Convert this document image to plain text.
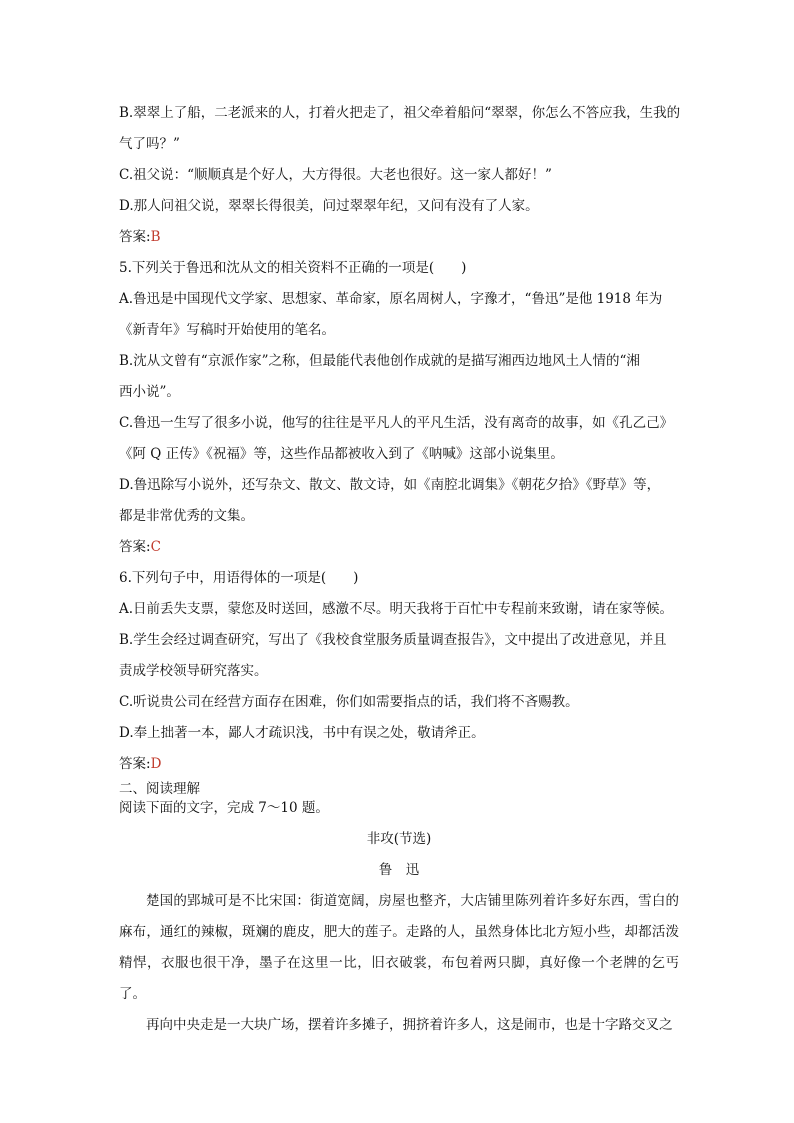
B.翠翠上了船，二老派来的人，打着火把走了，祖父牵着船问“翠翠，你怎么不答应我，生我的
气了吗？”
C.祖父说：“顺顺真是个好人，大方得很。大老也很好。这一家人都好！”
D.那人问祖父说，翠翠长得很美，问过翠翠年纪，又问有没有了人家。
答案:B
5.下列关于鲁迅和沈从文的相关资料不正确的一项是(　　)
A.鲁迅是中国现代文学家、思想家、革命家，原名周树人，字豫才，“鲁迅”是他 1918 年为
《新青年》写稿时开始使用的笔名。
B.沈从文曾有“京派作家”之称，但最能代表他创作成就的是描写湘西边地风土人情的“湘
西小说”。
C.鲁迅一生写了很多小说，他写的往往是平凡人的平凡生活，没有离奇的故事，如《孔乙己》
《阿 Q 正传》《祝福》等，这些作品都被收入到了《呐喊》这部小说集里。
D.鲁迅除写小说外，还写杂文、散文、散文诗，如《南腔北调集》《朝花夕拾》《野草》等，
都是非常优秀的文集。
答案:C
6.下列句子中，用语得体的一项是(　　)
A.日前丢失支票，蒙您及时送回，感激不尽。明天我将于百忙中专程前来致谢，请在家等候。
B.学生会经过调查研究，写出了《我校食堂服务质量调查报告》，文中提出了改进意见，并且
责成学校领导研究落实。
C.听说贵公司在经营方面存在困难，你们如需要指点的话，我们将不吝赐教。
D.奉上拙著一本，鄙人才疏识浅，书中有误之处，敬请斧正。
答案:D
二、阅读理解
阅读下面的文字，完成 7～10 题。
非攻(节选)
鲁　迅
楚国的郢城可是不比宋国：街道宽阔，房屋也整齐，大店铺里陈列着许多好东西，雪白的麻布，通红的辣椒，斑斓的鹿皮，肥大的莲子。走路的人，虽然身体比北方短小些，却都活泼精悍，衣服也很干净，墨子在这里一比，旧衣破裳，布包着两只脚，真好像一个老牌的乞丐了。
再向中央走是一大块广场，摆着许多摊子，拥挤着许多人，这是闹市，也是十字路交叉之
